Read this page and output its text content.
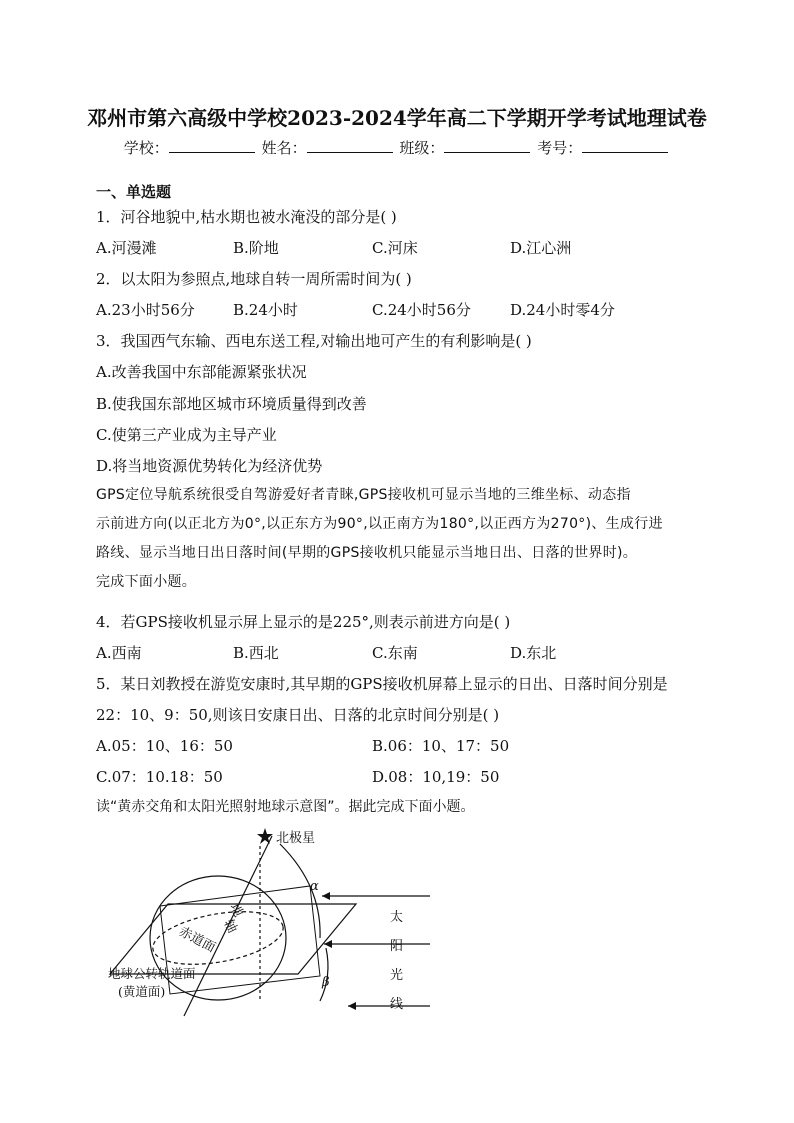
邓州市第六高级中学校2023-2024学年高二下学期开学考试地理试卷
学校：	姓名：	班级：	考号：
一、单选题
1．河谷地貌中,枯水期也被水淹没的部分是( )
A.河漫滩	B.阶地	C.河床	D.江心洲
2．以太阳为参照点,地球自转一周所需时间为( )
A.23小时56分	B.24小时	C.24小时56分	D.24小时零4分
3．我国西气东输、西电东送工程,对输出地可产生的有利影响是( )
A.改善我国中东部能源紧张状况
B.使我国东部地区城市环境质量得到改善
C.使第三产业成为主导产业
D.将当地资源优势转化为经济优势
GPS定位导航系统很受自驾游爱好者青睐,GPS接收机可显示当地的三维坐标、动态指
示前进方向(以正北方为0°,以正东方为90°,以正南方为180°,以正西方为270°)、生成行进
路线、显示当地日出日落时间(早期的GPS接收机只能显示当地日出、日落的世界时)。
完成下面小题。
4．若GPS接收机显示屏上显示的是225°,则表示前进方向是( )
A.西南	B.西北	C.东南	D.东北
5．某日刘教授在游览安康时,其早期的GPS接收机屏幕上显示的日出、日落时间分别是
22：10、9：50,则该日安康日出、日落的北京时间分别是( )
A.05：10、16：50	B.06：10、17：50
C.07：10.18：50	D.08：10,19：50
读“黄赤交角和太阳光照射地球示意图”。据此完成下面小题。
北极星
α
β
地
轴
赤道面
地球公转轨道面
(黄道面)
太
阳
光
线
